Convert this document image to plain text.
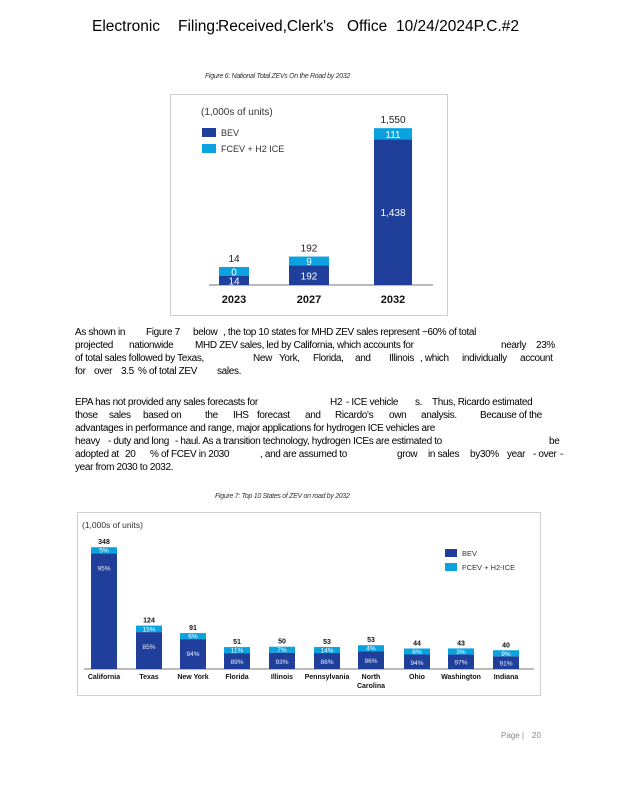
Electronic Filing:
Received,Clerk's Office 10/24/2024P.C.#2
Figure 6: National Total ZEVs On the Road by 2032
(1,000s of units)
BEV
FCEV + H2 ICE
14
0
14
2023
192
9
192
2027
1,438
111
1,550
2032
As shown in Figure 7 below , the top 10 states for MHD ZEV sales represent ~60% of total
projected nationwide MHD ZEV sales, led by California, which accounts for	nearly 23%
of total sales followed by Texas,	New York, Florida, and Illinois , which individually account
for over 3.5 % of total ZEV sales.
EPA has not provided any sales forecasts for	H2 - ICE vehicle s. Thus, Ricardo estimated
those sales based on the IHS forecast and Ricardo's own analysis. Because of the
advantages in performance and range, major applications for hydrogen ICE vehicles are
heavy - duty and long - haul. As a transition technology, hydrogen ICEs are estimated to	be
adopted at 20 % of FCEV in 2030	, and are assumed to	grow in sales by30% year - over -
year from 2030 to 2032.
Figure 7: Top 10 States of ZEV on road by 2032
(1,000s of units)
BEV
FCEV + H2-ICE
95%
5%
348
California
85%
15%
124
Texas
94%
6%
91
New York
89%
11%
51
Florida
93%
7%
50
Illinois
86%
14%
53
Pennsylvania
96%
4%
53
North
Carolina
94%
6%
44
Ohio
97%
3%
43
Washington
91%
9%
40
Indiana
Page | 20
